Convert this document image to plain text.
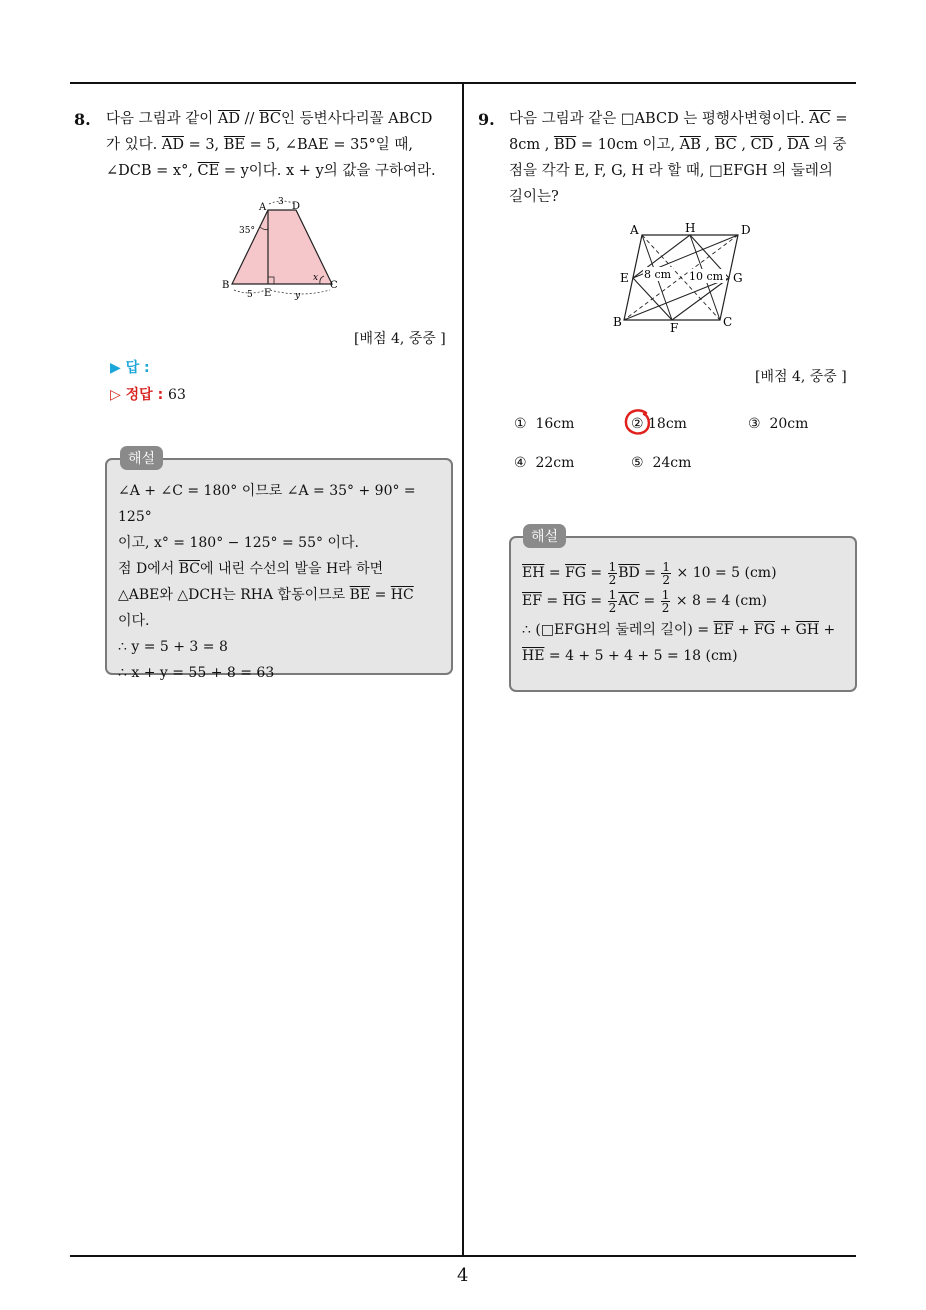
8. 다음 그림과 같이 $\overline{AD} // \overline{BC}$인 등변사다리꼴 ABCD
가 있다. $\overline{AD} = 3$, $\overline{BE} = 5$, ∠BAE = 35°일 때,
∠DCB = x°, $\overline{CE} = y$이다. x + y의 값을 구하여라.
A	D
3
35°
x
B	C
E
5	y
[배점 4, 중중 ]
▶ 답 :
▷ 정답 : 63
해설
∠A + ∠C = 180° 이므로 ∠A = 35° + 90° = 125°
이고, x° = 180° − 125° = 55° 이다.
점 D에서 $\overline{BC}$에 내린 수선의 발을 H라 하면
△ABE와 △DCH는 RHA 합동이므로 $\overline{BE} = \overline{HC}$
이다.
∴ y = 5 + 3 = 8
∴ x + y = 55 + 8 = 63
9. 다음 그림과 같은 □ABCD 는 평행사변형이다. $\overline{AC}$ =
8cm , $\overline{BD} = 10cm$ 이고, $\overline{AB}$ , $\overline{BC}$ , $\overline{CD}$ , $\overline{DA}$ 의 중
점을 각각 E, F, G, H 라 할 때, □EFGH 의 둘레의
길이는?
A	H	D
E	G
B	F	C
8 cm 10 cm
[배점 4, 중중 ]
① 16cm	② 18cm	③ 20cm
④ 22cm	⑤ 24cm
해설
$\overline{EH} = \overline{FG} = \frac{1}{2} \overline{BD} = \frac{1}{2} \times 10 = 5$ (cm)
$\overline{EF} = \overline{HG} = \frac{1}{2} \overline{AC} = \frac{1}{2} \times 8 = 4$ (cm)
∴ (□EFGH의 둘레의 길이) = $\overline{EF} + \overline{FG} + \overline{GH}$ +
$\overline{HE} = 4 + 5 + 4 + 5 = 18$ (cm)
4
